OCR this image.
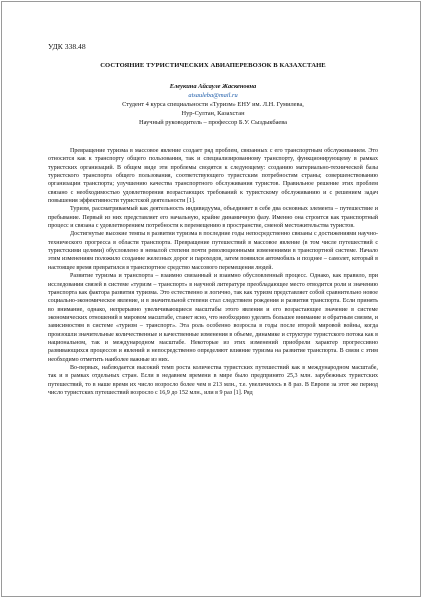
УДК 338.48
СОСТОЯНИЕ ТУРИСТИЧЕСКИХ АВИАПЕРЕВОЗОК В КАЗАХСТАНЕ
Елеукина Айсауле Жаскеновна
aisauleba@mail.ru
Студент 4 курса специальности «Туризм» ЕНУ им. Л.Н. Гумилева,
Нур-Султан, Казахстан
Научный руководитель – профессор Б.У. Сыздыкбаева

Превращение туризма в массовое явление создает ряд проблем, связанных с его транспортным обслуживанием. Это относится как к транспорту общего пользования, так и специализированному транспорту, функционирующему в рамках туристских организаций. В общем виде эти проблемы сводятся к следующему: созданию материально-технической базы туристского транспорта общего пользования, соответствующего туристским потребностям страны; совершенствованию организации транспорта; улучшению качества транспортного обслуживания туристов. Правильное решение этих проблем связано с необходимостью удовлетворения возрастающих требований к туристскому обслуживанию и с решением задач повышения эффективности туристской деятельности [1].

Туризм, рассматриваемый как деятельность индивидуума, объединяет в себе два основных элемента – путешествие и пребывание. Первый из них представляет его начальную, крайне динамичную фазу. Именно она строится как транспортный процесс и связана с удовлетворением потребности к перемещению в пространстве, сменой местожительства туристов.

Достигнутые высокие темпы в развитии туризма в последние годы непосредственно связаны с достижениями научно-технического прогресса в области транспорта. Превращение путешествий в массовое явление (в том числе путешествий с туристскими целями) обусловлено в немалой степени почти революционными изменениями в транспортной системе. Начало этим изменениям положило создание железных дорог и пароходов, затем появился автомобиль и позднее – самолет, который в настоящее время превратился в транспортное средство массового перемещения людей.

Развитие туризма и транспорта – взаимно связанный и взаимно обусловленный процесс. Однако, как правило, при исследовании связей в системе «туризм – транспорт» в научной литературе преобладающее место отводится роли и значению транспорта как фактора развития туризма. Это естественно и логично, так как туризм представляет собой сравнительно новое социально-экономическое явление, и в значительной степени стал следствием рождения и развития транспорта. Если принять во внимание, однако, непрерывно увеличивающиеся масштабы этого явления и его возрастающее значение в системе экономических отношений в мировом масштабе, станет ясно, что необходимо уделять большее внимание и обратным связям, и зависимостям в системе «туризм – транспорт». Эта роль особенно возросла в годы после второй мировой войны, когда произошли значительные количественные и качественные изменения в объеме, динамике и структуре туристского потока как в национальном, так и международном масштабе. Некоторые из этих изменений приобрели характер прогрессивно развивающихся процессов и явлений и непосредственно определяют влияние туризма на развитие транспорта. В связи с этим необходимо отметить наиболее важные из них.

Во-первых, наблюдается высокий темп роста количества туристских путешествий как в международном масштабе, так и в рамках отдельных стран. Если в недавнем времени в мире было предпринято 25,3 млн. зарубежных туристских путешествий, то в наше время их число возросло более чем в 213 млн., т.е. увеличилось в 8 раз. В Европе за этот же период число туристских путешествий возросло с 16,9 до 152 млн., или в 9 раз [1]. Ряд
